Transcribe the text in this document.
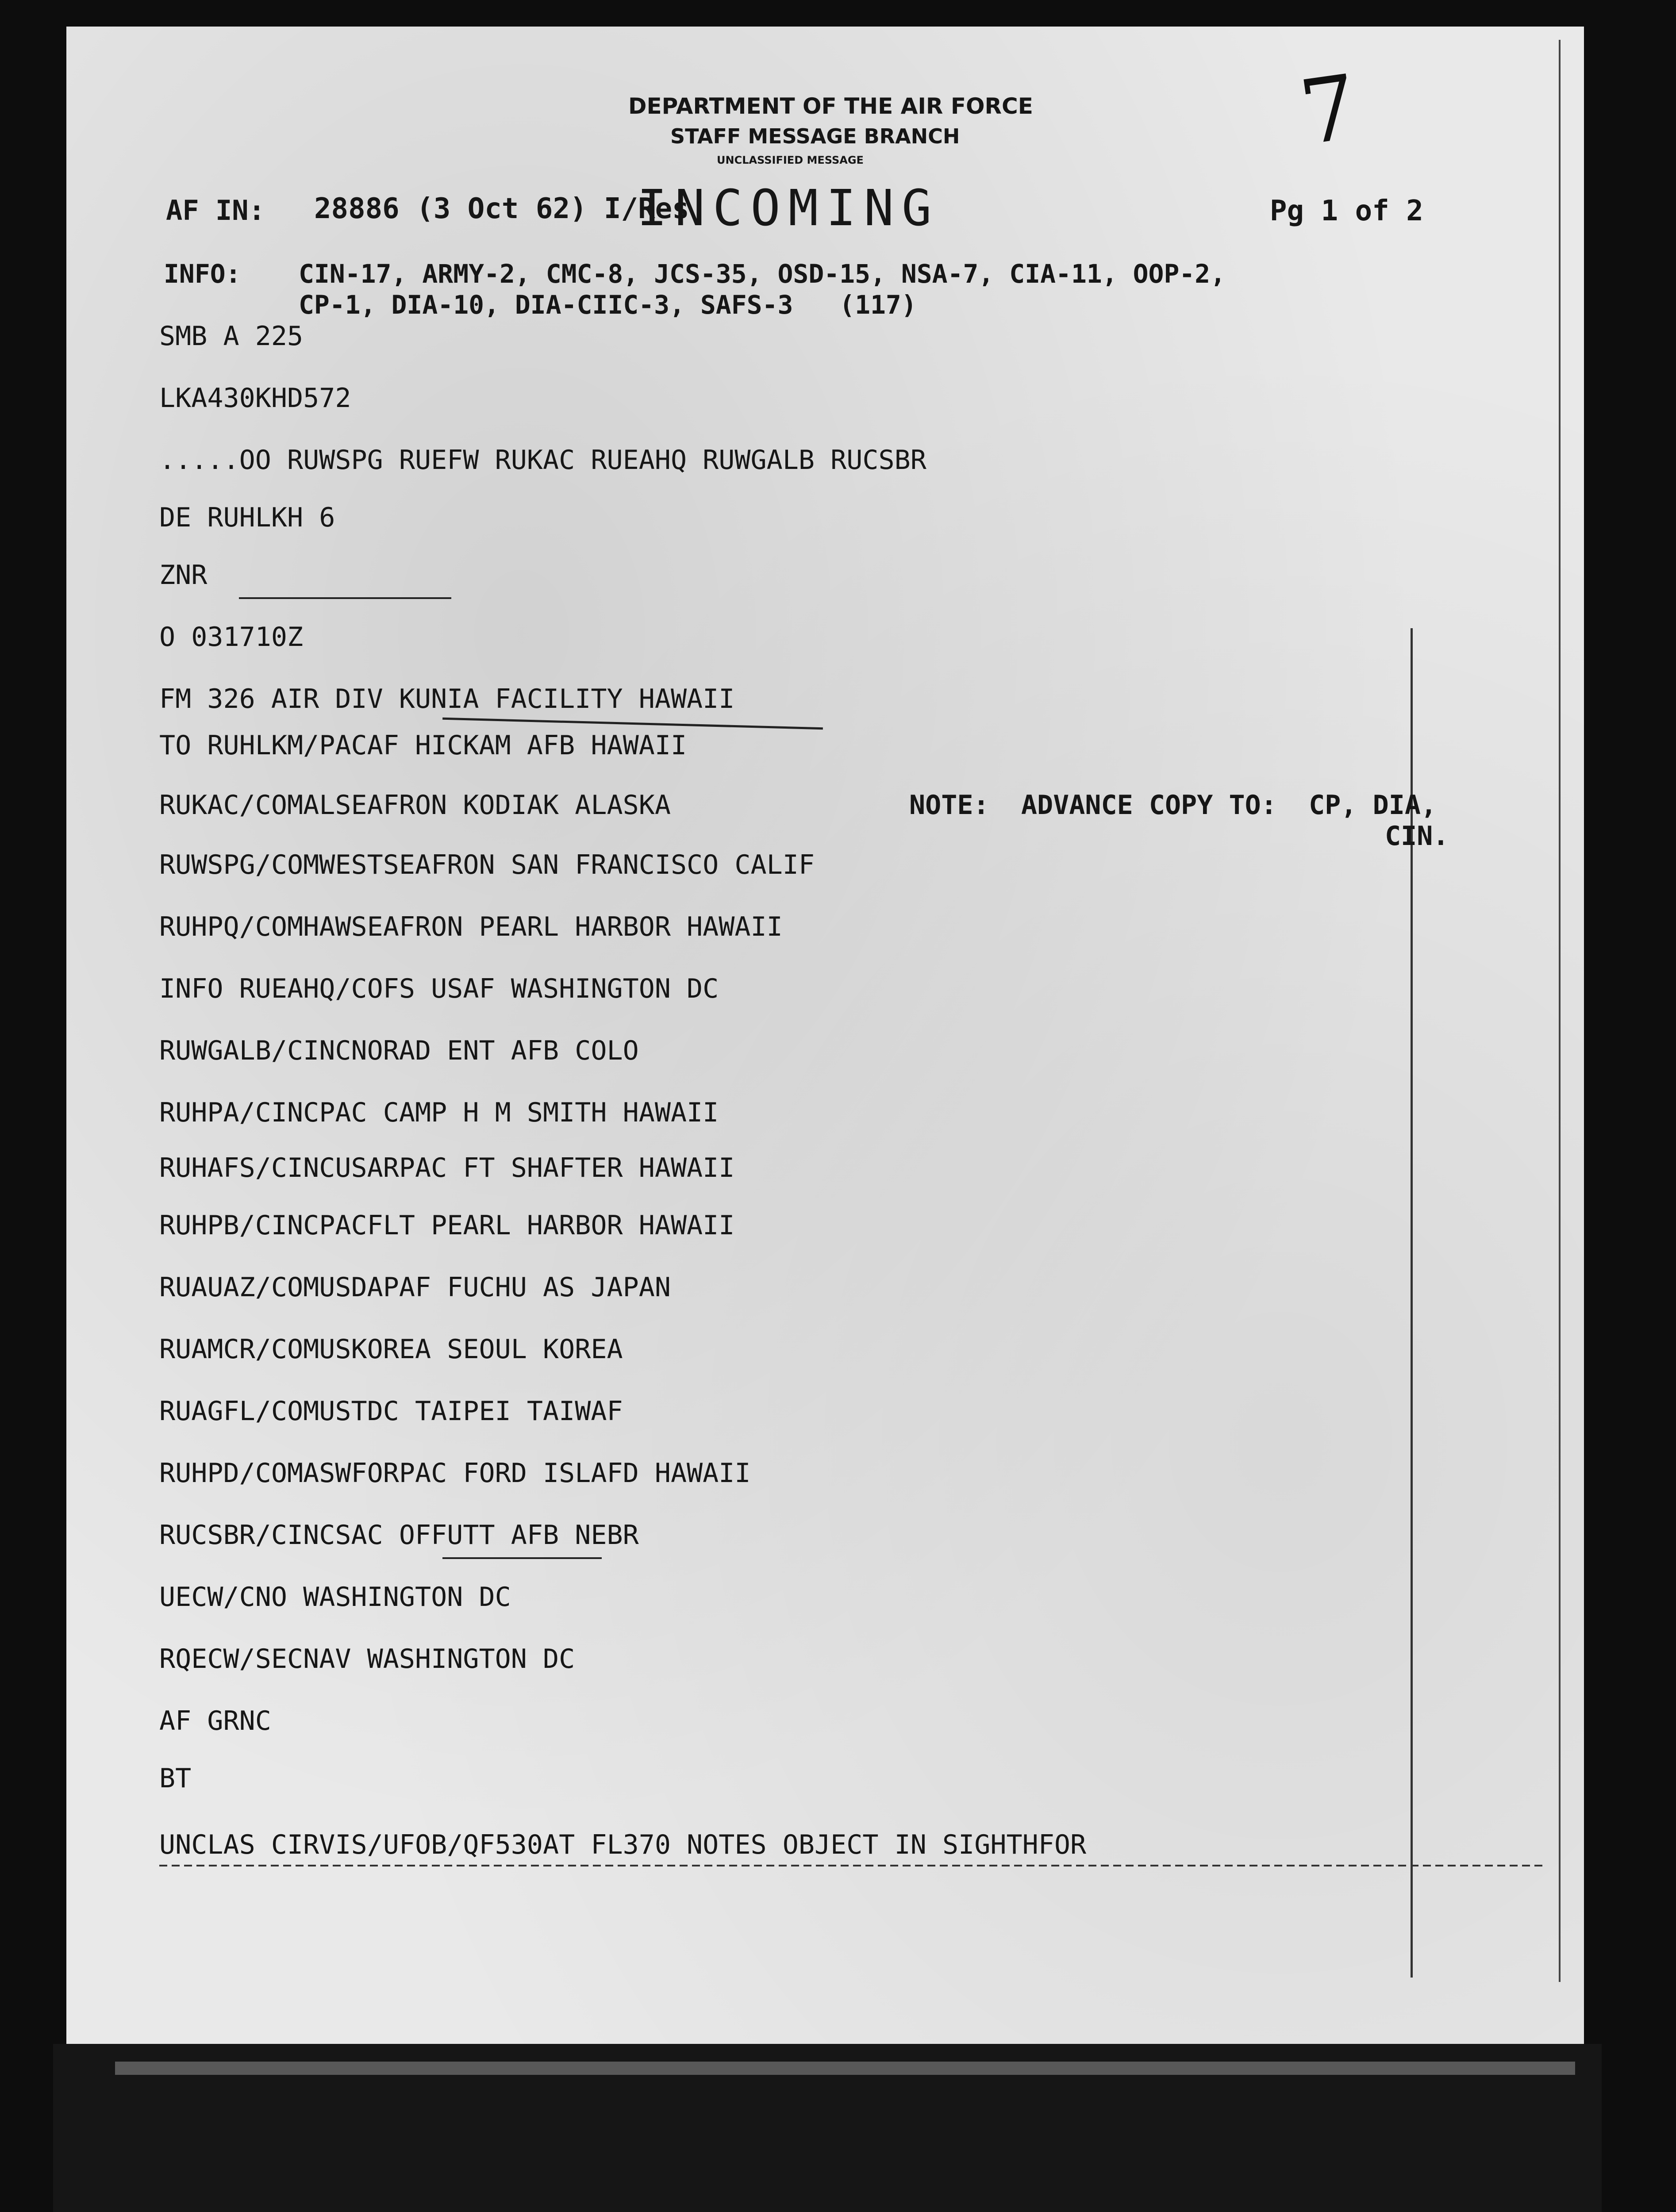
DEPARTMENT OF THE AIR FORCE
STAFF MESSAGE BRANCH
UNCLASSIFIED MESSAGE	7
AF IN: 28886 (3 Oct 62) I/Res
INCOMING	Pg 1 of 2
INFO: CIN-17, ARMY-2, CMC-8, JCS-35, OSD-15, NSA-7, CIA-11, OOP-2,
CP-1, DIA-10, DIA-CIIC-3, SAFS-3   (117)
SMB A 225
LKA430KHD572
.....OO RUWSPG RUEFW RUKAC RUEAHQ RUWGALB RUCSBR
DE RUHLKH 6
ZNR
O 031710Z
FM 326 AIR DIV KUNIA FACILITY HAWAII
TO RUHLKM/PACAF HICKAM AFB HAWAII
RUKAC/COMALSEAFRON KODIAK ALASKA
RUWSPG/COMWESTSEAFRON SAN FRANCISCO CALIF
RUHPQ/COMHAWSEAFRON PEARL HARBOR HAWAII
INFO RUEAHQ/COFS USAF WASHINGTON DC
RUWGALB/CINCNORAD ENT AFB COLO
RUHPA/CINCPAC CAMP H M SMITH HAWAII
RUHAFS/CINCUSARPAC FT SHAFTER HAWAII
RUHPB/CINCPACFLT PEARL HARBOR HAWAII
RUAUAZ/COMUSDAPAF FUCHU AS JAPAN
RUAMCR/COMUSKOREA SEOUL KOREA
RUAGFL/COMUSTDC TAIPEI TAIWAF
RUHPD/COMASWFORPAC FORD ISLAFD HAWAII
RUCSBR/CINCSAC OFFUTT AFB NEBR
UECW/CNO WASHINGTON DC
RQECW/SECNAV WASHINGTON DC
AF GRNC
BT
UNCLAS CIRVIS/UFOB/QF530AT FL370 NOTES OBJECT IN SIGHTHFOR
NOTE:  ADVANCE COPY TO:  CP, DIA,
CIN.
